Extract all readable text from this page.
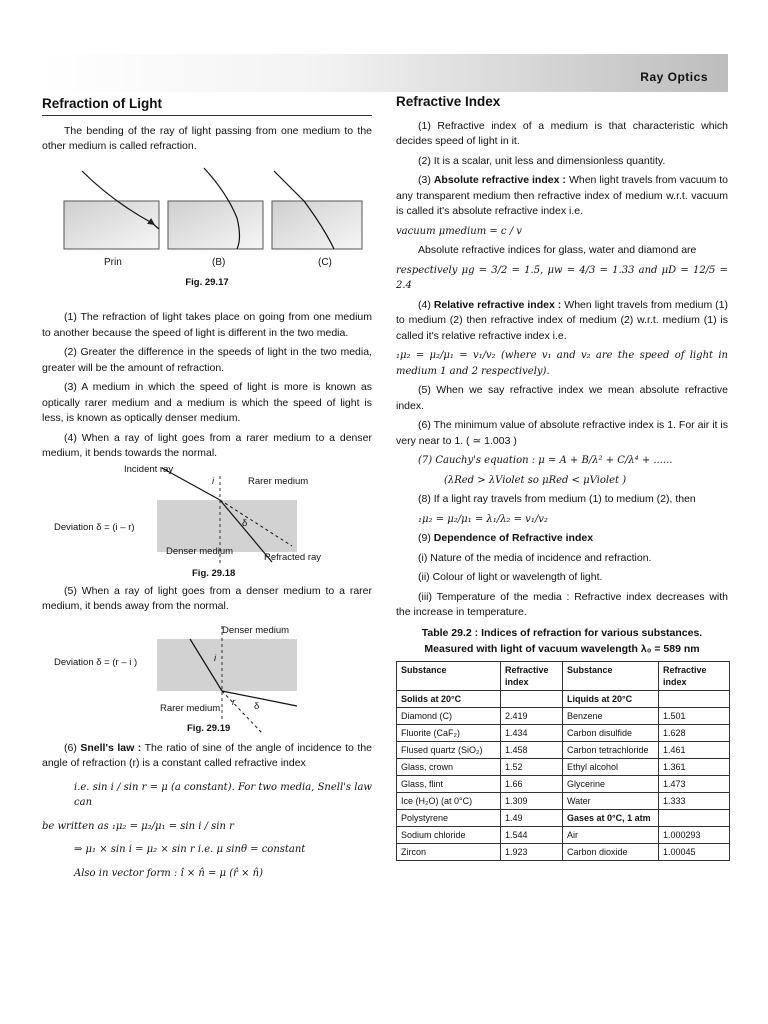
Ray Optics
Refraction of Light

The bending of the ray of light passing from one medium to the other medium is called refraction.

Prin	(B)	(C)

Fig. 29.17

(1) The refraction of light takes place on going from one medium to another because the speed of light is different in the two media.

(2) Greater the difference in the speeds of light in the two media, greater will be the amount of refraction.

(3) A medium in which the speed of light is more is known as optically rarer medium and a medium is which the speed of light is less, is known as optically denser medium.

(4) When a ray of light goes from a rarer medium to a denser medium, it bends towards the normal.

Incident ray
i	Rarer medium
δ
Deviation δ = (i – r)
Denser medium
Refracted ray
Fig. 29.18

(5) When a ray of light goes from a denser medium to a rarer medium, it bends away from the normal.

Denser medium
i
Deviation δ = (r – i )
r δ
Rarer medium
Fig. 29.19

(6) Snell's law : The ratio of sine of the angle of incidence to the angle of refraction (r) is a constant called refractive index

i.e. sin i / sin r = μ (a constant). For two media, Snell's law can

be written as ₁μ₂ = μ₂/μ₁ = sin i / sin r

⇒ μ₁ × sin i = μ₂ × sin r i.e. μ sinθ = constant

Also in vector form : î × n̂ = μ (r̂ × n̂)

Refractive Index

(1) Refractive index of a medium is that characteristic which decides speed of light in it.

(2) It is a scalar, unit less and dimensionless quantity.

(3) Absolute refractive index : When light travels from vacuum to any transparent medium then refractive index of medium w.r.t. vacuum is called it's absolute refractive index i.e.

vacuum μmedium = c / v

Absolute refractive indices for glass, water and diamond are

respectively μg = 3/2 = 1.5, μw = 4/3 = 1.33 and μD = 12/5 = 2.4

(4) Relative refractive index : When light travels from medium (1) to medium (2) then refractive index of medium (2) w.r.t. medium (1) is called it's relative refractive index i.e.

₁μ₂ = μ₂/μ₁ = v₁/v₂ (where v₁ and v₂ are the speed of light in medium 1 and 2 respectively).

(5) When we say refractive index we mean absolute refractive index.

(6) The minimum value of absolute refractive index is 1. For air it is very near to 1. ( ≃ 1.003 )

(7) Cauchy's equation : μ = A + B/λ² + C/λ⁴ + ......

(λRed > λViolet so μRed < μViolet )

(8) If a light ray travels from medium (1) to medium (2), then

₁μ₂ = μ₂/μ₁ = λ₁/λ₂ = v₁/v₂

(9) Dependence of Refractive index

(i) Nature of the media of incidence and refraction.

(ii) Colour of light or wavelength of light.

(iii) Temperature of the media : Refractive index decreases with the increase in temperature.

Table 29.2 : Indices of refraction for various substances.
Measured with light of vacuum wavelength λ₀ = 589 nm
Substance	Refractive index	Substance	Refractive index
Solids at 20°C		Liquids at 20°C	
Diamond (C)	2.419	Benzene	1.501
Fluorite (CaF₂)	1.434	Carbon disulfide	1.628
Flused quartz (SiO₂)	1.458	Carbon tetrachloride	1.461
Glass, crown	1.52	Ethyl alcohol	1.361
Glass, flint	1.66	Glycerine	1.473
Ice (H₂O) (at 0°C)	1.309	Water	1.333
Polystyrene	1.49	Gases at 0°C, 1 atm	
Sodium chloride	1.544	Air	1.000293
Zircon	1.923	Carbon dioxide	1.00045
